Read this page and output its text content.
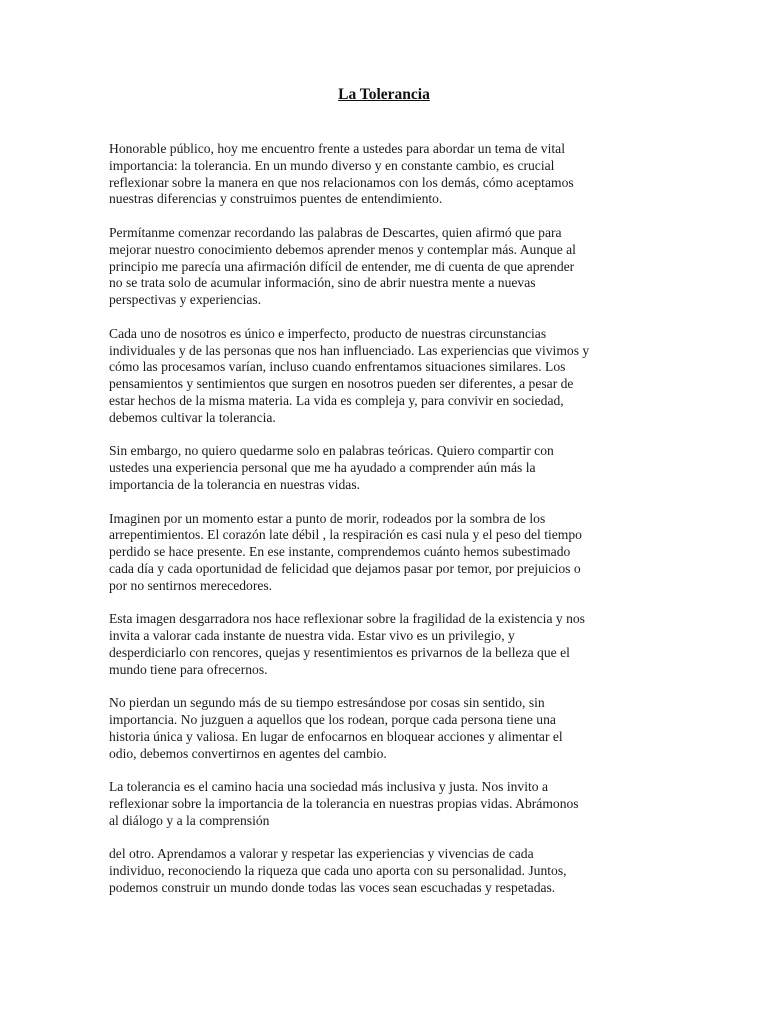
La Tolerancia

Honorable público, hoy me encuentro frente a ustedes para abordar un tema de vital
importancia: la tolerancia. En un mundo diverso y en constante cambio, es crucial
reflexionar sobre la manera en que nos relacionamos con los demás, cómo aceptamos
nuestras diferencias y construimos puentes de entendimiento.

Permítanme comenzar recordando las palabras de Descartes, quien afirmó que para
mejorar nuestro conocimiento debemos aprender menos y contemplar más. Aunque al
principio me parecía una afirmación difícil de entender, me di cuenta de que aprender
no se trata solo de acumular información, sino de abrir nuestra mente a nuevas
perspectivas y experiencias.

Cada uno de nosotros es único e imperfecto, producto de nuestras circunstancias
individuales y de las personas que nos han influenciado. Las experiencias que vivimos y
cómo las procesamos varían, incluso cuando enfrentamos situaciones similares. Los
pensamientos y sentimientos que surgen en nosotros pueden ser diferentes, a pesar de
estar hechos de la misma materia. La vida es compleja y, para convivir en sociedad,
debemos cultivar la tolerancia.

Sin embargo, no quiero quedarme solo en palabras teóricas. Quiero compartir con
ustedes una experiencia personal que me ha ayudado a comprender aún más la
importancia de la tolerancia en nuestras vidas.

Imaginen por un momento estar a punto de morir, rodeados por la sombra de los
arrepentimientos. El corazón late débil , la respiración es casi nula y el peso del tiempo
perdido se hace presente. En ese instante, comprendemos cuánto hemos subestimado
cada día y cada oportunidad de felicidad que dejamos pasar por temor, por prejuicios o
por no sentirnos merecedores.

Esta imagen desgarradora nos hace reflexionar sobre la fragilidad de la existencia y nos
invita a valorar cada instante de nuestra vida. Estar vivo es un privilegio, y
desperdiciarlo con rencores, quejas y resentimientos es privarnos de la belleza que el
mundo tiene para ofrecernos.

No pierdan un segundo más de su tiempo estresándose por cosas sin sentido, sin
importancia. No juzguen a aquellos que los rodean, porque cada persona tiene una
historia única y valiosa. En lugar de enfocarnos en bloquear acciones y alimentar el
odio, debemos convertirnos en agentes del cambio.

La tolerancia es el camino hacia una sociedad más inclusiva y justa. Nos invito a
reflexionar sobre la importancia de la tolerancia en nuestras propias vidas. Abrámonos
al diálogo y a la comprensión

del otro. Aprendamos a valorar y respetar las experiencias y vivencias de cada
individuo, reconociendo la riqueza que cada uno aporta con su personalidad. Juntos,
podemos construir un mundo donde todas las voces sean escuchadas y respetadas.
